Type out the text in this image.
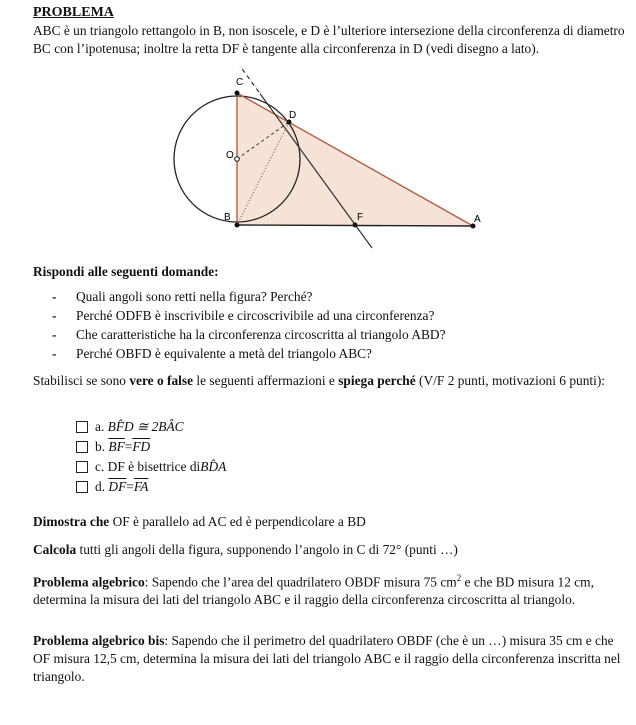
PROBLEMA
ABC è un triangolo rettangolo in B, non isoscele, e D è l’ulteriore intersezione della circonferenza di diametro BC con l’ipotenusa; inoltre la retta DF è tangente alla circonferenza in D (vedi disegno a lato).
C
D
O
B	F	A
Rispondi alle seguenti domande:
- Quali angoli sono retti nella figura? Perché?
- Perché ODFB è inscrivibile e circoscrivibile ad una circonferenza?
- Che caratteristiche ha la circonferenza circoscritta al triangolo ABD?
- Perché OBFD è equivalente a metà del triangolo ABC?
Stabilisci se sono vere o false le seguenti affermazioni e spiega perché (V/F 2 punti, motivazioni 6 punti):
a.
BF̂D ≅ 2BÂC
b.
$\overline{BF} = \overline{FD}$
c.
DF è bisettrice di BD̂A
d.
$\overline{DF} = \overline{FA}$
Dimostra che OF è parallelo ad AC ed è perpendicolare a BD
Calcola tutti gli angoli della figura, supponendo l’angolo in C di 72° (punti …)
Problema algebrico: Sapendo che l’area del quadrilatero OBDF misura 75 $cm^2$ e che BD misura 12 cm, determina la misura dei lati del triangolo ABC e il raggio della circonferenza circoscritta al triangolo.
Problema algebrico bis: Sapendo che il perimetro del quadrilatero OBDF (che è un …) misura 35 cm e che OF misura 12,5 cm, determina la misura dei lati del triangolo ABC e il raggio della circonferenza inscritta nel triangolo.
